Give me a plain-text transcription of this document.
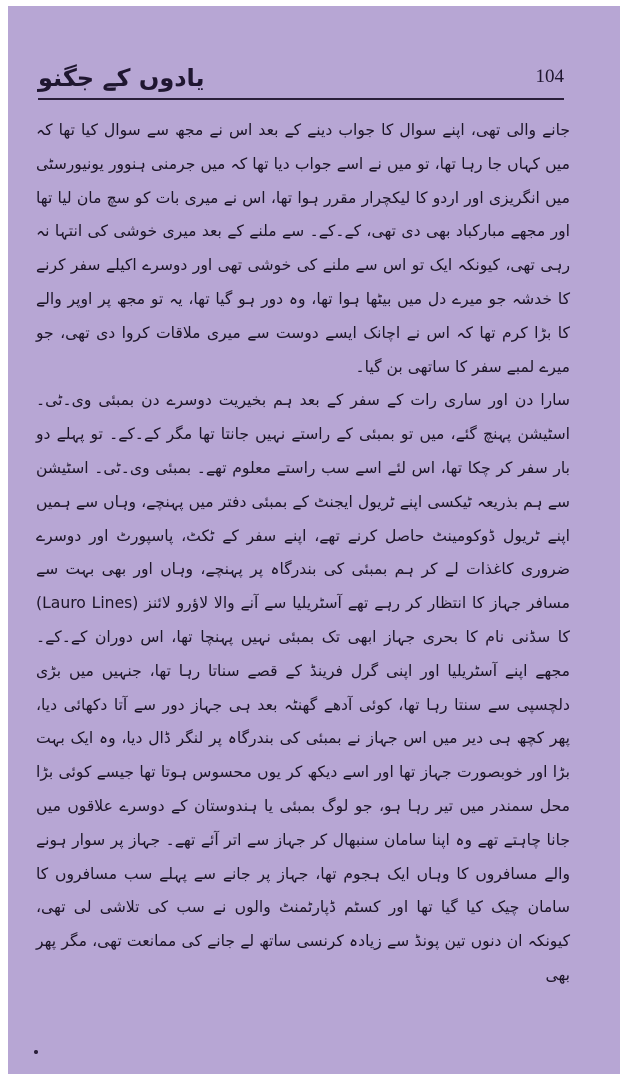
یادوں کے جگنو	104

جانے والی تھی، اپنے سوال کا جواب دینے کے بعد اس نے مجھ سے سوال کیا تھا کہ میں کہاں جا رہا تھا، تو میں نے اسے جواب دیا تھا کہ میں جرمنی ہنوور یونیورسٹی میں انگریزی اور اردو کا لیکچرار مقرر ہوا تھا، اس نے میری بات کو سچ مان لیا تھا اور مجھے مبارکباد بھی دی تھی، کے۔کے۔ سے ملنے کے بعد میری خوشی کی انتہا نہ رہی تھی، کیونکہ ایک تو اس سے ملنے کی خوشی تھی اور دوسرے اکیلے سفر کرنے کا خدشہ جو میرے دل میں بیٹھا ہوا تھا، وہ دور ہو گیا تھا، یہ تو مجھ پر اوپر والے کا بڑا کرم تھا کہ اس نے اچانک ایسے دوست سے میری ملاقات کروا دی تھی، جو میرے لمبے سفر کا ساتھی بن گیا۔

سارا دن اور ساری رات کے سفر کے بعد ہم بخیریت دوسرے دن بمبئی وی۔ٹی۔ اسٹیشن پہنچ گئے، میں تو بمبئی کے راستے نہیں جانتا تھا مگر کے۔کے۔ تو پہلے دو بار سفر کر چکا تھا، اس لئے اسے سب راستے معلوم تھے۔ بمبئی وی۔ٹی۔ اسٹیشن سے ہم بذریعہ ٹیکسی اپنے ٹریول ایجنٹ کے بمبئی دفتر میں پہنچے، وہاں سے ہمیں اپنے ٹریول ڈوکومینٹ حاصل کرنے تھے، اپنے سفر کے ٹکٹ، پاسپورٹ اور دوسرے ضروری کاغذات لے کر ہم بمبئی کی بندرگاہ پر پہنچے، وہاں اور بھی بہت سے مسافر جہاز کا انتظار کر رہے تھے آسٹریلیا سے آنے والا لاؤرو لائنز (Lauro Lines) کا سڈنی نام کا بحری جہاز ابھی تک بمبئی نہیں پہنچا تھا، اس دوران کے۔کے۔ مجھے اپنے آسٹریلیا اور اپنی گرل فرینڈ کے قصے سناتا رہا تھا، جنہیں میں بڑی دلچسپی سے سنتا رہا تھا، کوئی آدھے گھنٹہ بعد ہی جہاز دور سے آتا دکھائی دیا، پھر کچھ ہی دیر میں اس جہاز نے بمبئی کی بندرگاہ پر لنگر ڈال دیا، وہ ایک بہت بڑا اور خوبصورت جہاز تھا اور اسے دیکھ کر یوں محسوس ہوتا تھا جیسے کوئی بڑا محل سمندر میں تیر رہا ہو، جو لوگ بمبئی یا ہندوستان کے دوسرے علاقوں میں جانا چاہتے تھے وہ اپنا سامان سنبھال کر جہاز سے اتر آئے تھے۔ جہاز پر سوار ہونے والے مسافروں کا وہاں ایک ہجوم تھا، جہاز پر جانے سے پہلے سب مسافروں کا سامان چیک کیا گیا تھا اور کسٹم ڈپارٹمنٹ والوں نے سب کی تلاشی لی تھی، کیونکہ ان دنوں تین پونڈ سے زیادہ کرنسی ساتھ لے جانے کی ممانعت تھی، مگر پھر بھی
